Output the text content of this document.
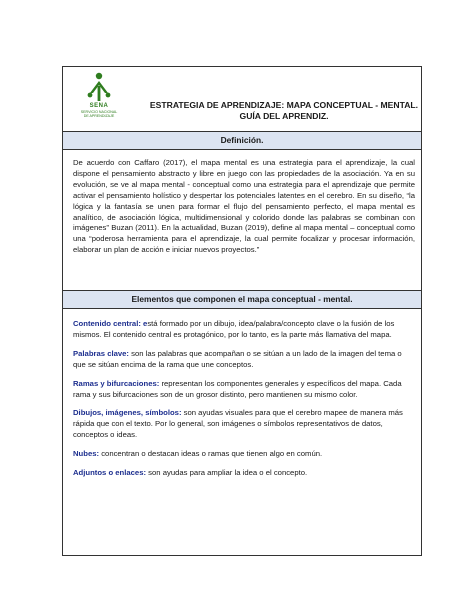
SENA
SERVICIO NACIONAL
DE APRENDIZAJE
ESTRATEGIA DE APRENDIZAJE: MAPA CONCEPTUAL - MENTAL.
GUÍA DEL APRENDIZ.
Definición.
De acuerdo con Caffaro (2017), el mapa mental es una estrategia para el aprendizaje, la cual dispone el pensamiento abstracto y libre en juego con las propiedades de la asociación. Ya en su evolución, se ve al mapa mental - conceptual como una estrategia para el aprendizaje que permite activar el pensamiento holístico y despertar los potenciales latentes en el cerebro. En su diseño, “la lógica y la fantasía se unen para formar el flujo del pensamiento perfecto, el mapa mental es analítico, de asociación lógica, multidimensional y colorido donde las palabras se combinan con imágenes” Buzan (2011). En la actualidad, Buzan (2019), define al mapa mental – conceptual como una “poderosa herramienta para el aprendizaje, la cual permite focalizar y procesar información, elaborar un plan de acción e iniciar nuevos proyectos.”
Elementos que componen el mapa conceptual - mental.
Contenido central: está formado por un dibujo, idea/palabra/concepto clave o la fusión de los mismos. El contenido central es protagónico, por lo tanto, es la parte más llamativa del mapa.
Palabras clave: son las palabras que acompañan o se sitúan a un lado de la imagen del tema o que se sitúan encima de la rama que une conceptos.
Ramas y bifurcaciones: representan los componentes generales y específicos del mapa. Cada rama y sus bifurcaciones son de un grosor distinto, pero mantienen su mismo color.
Dibujos, imágenes, símbolos: son ayudas visuales para que el cerebro mapee de manera más rápida que con el texto. Por lo general, son imágenes o símbolos representativos de datos, conceptos o ideas.
Nubes: concentran o destacan ideas o ramas que tienen algo en común.
Adjuntos o enlaces: son ayudas para ampliar la idea o el concepto.
